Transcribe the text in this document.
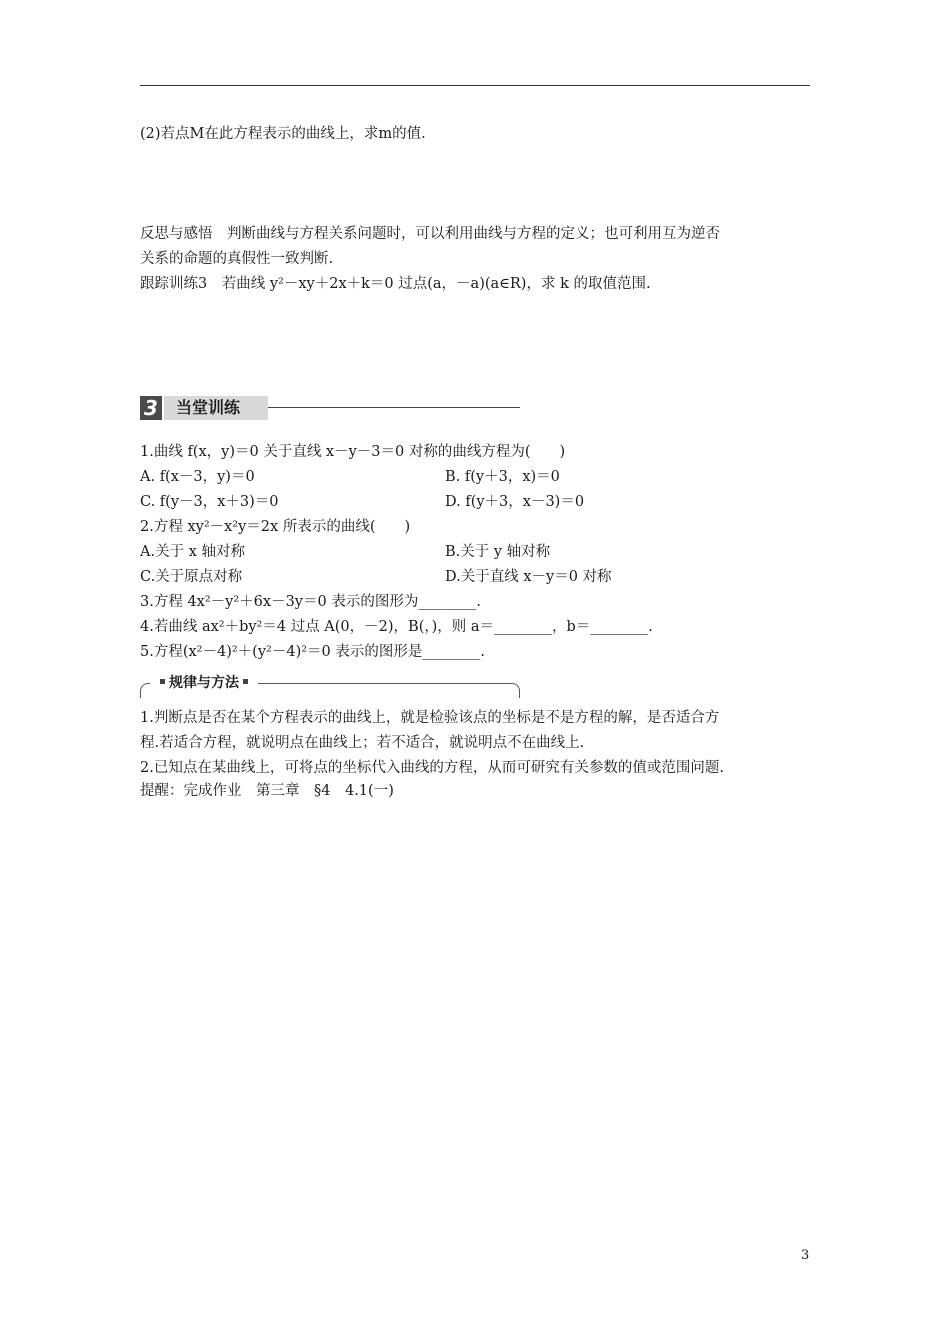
(2)若点M在此方程表示的曲线上，求m的值.
反思与感悟　判断曲线与方程关系问题时，可以利用曲线与方程的定义；也可利用互为逆否
关系的命题的真假性一致判断.
跟踪训练3　若曲线 y²－xy＋2x＋k＝0 过点(a，－a)(a∈R)，求 k 的取值范围.
3 当堂训练
1.曲线 f(x，y)＝0 关于直线 x－y－3＝0 对称的曲线方程为(　　)
A. f(x－3，y)＝0	B. f(y＋3，x)＝0
C. f(y－3，x＋3)＝0	D. f(y＋3，x－3)＝0
2.方程 xy²－x²y＝2x 所表示的曲线(　　)
A.关于 x 轴对称	B.关于 y 轴对称
C.关于原点对称	D.关于直线 x－y＝0 对称
3.方程 4x²－y²＋6x－3y＝0 表示的图形为________.
4.若曲线 ax²＋by²＝4 过点 A(0，－2)，B(，)，则 a＝________，b＝________.
5.方程(x²－4)²＋(y²－4)²＝0 表示的图形是________.
规律与方法
1.判断点是否在某个方程表示的曲线上，就是检验该点的坐标是不是方程的解，是否适合方
程.若适合方程，就说明点在曲线上；若不适合，就说明点不在曲线上.
2.已知点在某曲线上，可将点的坐标代入曲线的方程，从而可研究有关参数的值或范围问题.
提醒：完成作业　第三章　§4　4.1(一)
3
